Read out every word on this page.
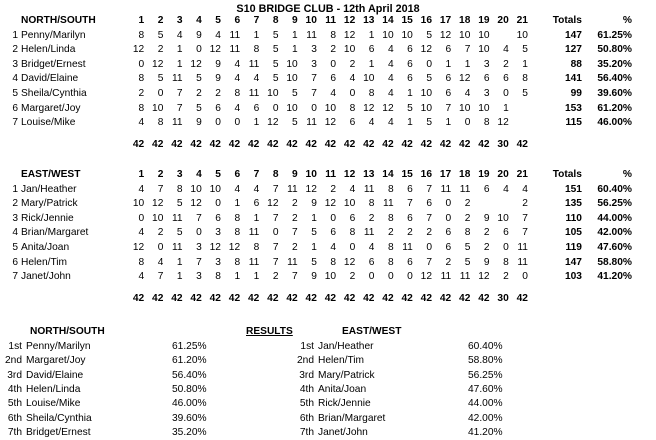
S10 BRIDGE CLUB - 12th April 2018
	NORTH/SOUTH	1	2	3	4	5	6	7	8	9	10	11	12	13	14	15	16	17	18	19	20	21		Totals	%
1	Penny/Marilyn	8	5	4	9	4	11	1	5	1	11	8	12	1	10	10	5	12	10	10		10		147	61.25%
2	Helen/Linda	12	2	1	0	12	11	8	5	1	3	2	10	6	4	6	12	6	7	10	4	5		127	50.80%
3	Bridget/Ernest	0	12	1	12	9	4	11	5	10	3	0	2	1	4	6	0	1	1	3	2	1		88	35.20%
4	David/Elaine	8	5	11	5	9	4	4	5	10	7	6	4	10	4	6	5	6	12	6	6	8		141	56.40%
5	Sheila/Cynthia	2	0	7	2	2	8	11	10	5	7	4	0	8	4	1	10	6	4	3	0	5		99	39.60%
6	Margaret/Joy	8	10	7	5	6	4	6	0	10	0	10	8	12	12	5	10	7	10	10	1			153	61.20%
7	Louise/Mike	4	8	11	9	0	0	1	12	5	11	12	6	4	4	1	5	1	0	8	12			115	46.00%

		42	42	42	42	42	42	42	42	42	42	42	42	42	42	42	42	42	42	42	30	42			
	EAST/WEST	1	2	3	4	5	6	7	8	9	10	11	12	13	14	15	16	17	18	19	20	21		Totals	%
1	Jan/Heather	4	7	8	10	10	4	4	7	11	12	2	4	11	8	6	7	11	11	6	4	4		151	60.40%
2	Mary/Patrick	10	12	5	12	0	1	6	12	2	9	12	10	8	11	7	6	0	2			2		135	56.25%
3	Rick/Jennie	0	10	11	7	6	8	1	7	2	1	0	6	2	8	6	7	0	2	9	10	7		110	44.00%
4	Brian/Margaret	4	2	5	0	3	8	11	0	7	5	6	8	11	2	2	2	6	8	2	6	7		105	42.00%
5	Anita/Joan	12	0	11	3	12	12	8	7	2	1	4	0	4	8	11	0	6	5	2	0	11		119	47.60%
6	Helen/Tim	8	4	1	7	3	8	11	7	11	5	8	12	6	8	6	7	2	5	9	8	11		147	58.80%
7	Janet/John	4	7	1	3	8	1	1	2	7	9	10	2	0	0	0	12	11	11	12	2	0		103	41.20%

		42	42	42	42	42	42	42	42	42	42	42	42	42	42	42	42	42	42	42	30	42			
NORTH/SOUTH	RESULTS	EAST/WEST
1st Penny/Marilyn	61.25%
2nd Margaret/Joy	61.20%
3rd David/Elaine	56.40%
4th Helen/Linda	50.80%
5th Louise/Mike	46.00%
6th Sheila/Cynthia	39.60%
7th Bridget/Ernest	35.20%
1st Jan/Heather	60.40%
2nd Helen/Tim	58.80%
3rd Mary/Patrick	56.25%
4th Anita/Joan	47.60%
5th Rick/Jennie	44.00%
6th Brian/Margaret	42.00%
7th Janet/John	41.20%
